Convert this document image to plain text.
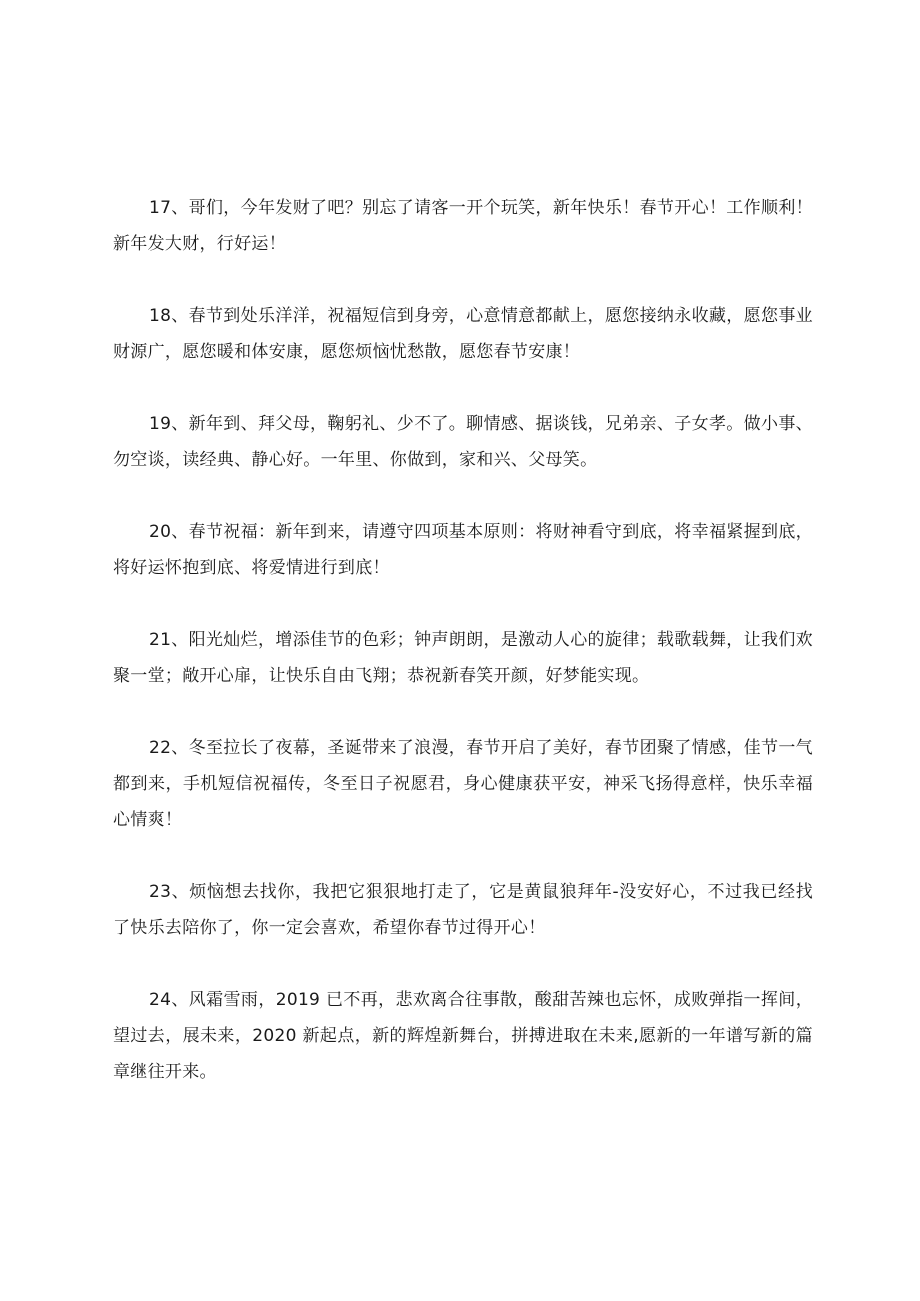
17、哥们，今年发财了吧？别忘了请客一开个玩笑，新年快乐！春节开心！工作顺利！新年发大财，行好运！

18、春节到处乐洋洋，祝福短信到身旁，心意情意都献上，愿您接纳永收藏，愿您事业财源广，愿您暖和体安康，愿您烦恼忧愁散，愿您春节安康！

19、新年到、拜父母，鞠躬礼、少不了。聊情感、据谈钱，兄弟亲、子女孝。做小事、勿空谈，读经典、静心好。一年里、你做到，家和兴、父母笑。

20、春节祝福：新年到来，请遵守四项基本原则：将财神看守到底，将幸福紧握到底，将好运怀抱到底、将爱情进行到底！

21、阳光灿烂，增添佳节的色彩；钟声朗朗，是激动人心的旋律；载歌载舞，让我们欢聚一堂；敞开心扉，让快乐自由飞翔；恭祝新春笑开颜，好梦能实现。

22、冬至拉长了夜幕，圣诞带来了浪漫，春节开启了美好，春节团聚了情感，佳节一气都到来，手机短信祝福传，冬至日子祝愿君，身心健康获平安，神采飞扬得意样，快乐幸福心情爽！

23、烦恼想去找你，我把它狠狠地打走了，它是黄鼠狼拜年-没安好心，不过我已经找了快乐去陪你了，你一定会喜欢，希望你春节过得开心！

24、风霜雪雨，2019 已不再，悲欢离合往事散，酸甜苦辣也忘怀，成败弹指一挥间，望过去，展未来，2020 新起点，新的辉煌新舞台，拼搏进取在未来,愿新的一年谱写新的篇章继往开来。
